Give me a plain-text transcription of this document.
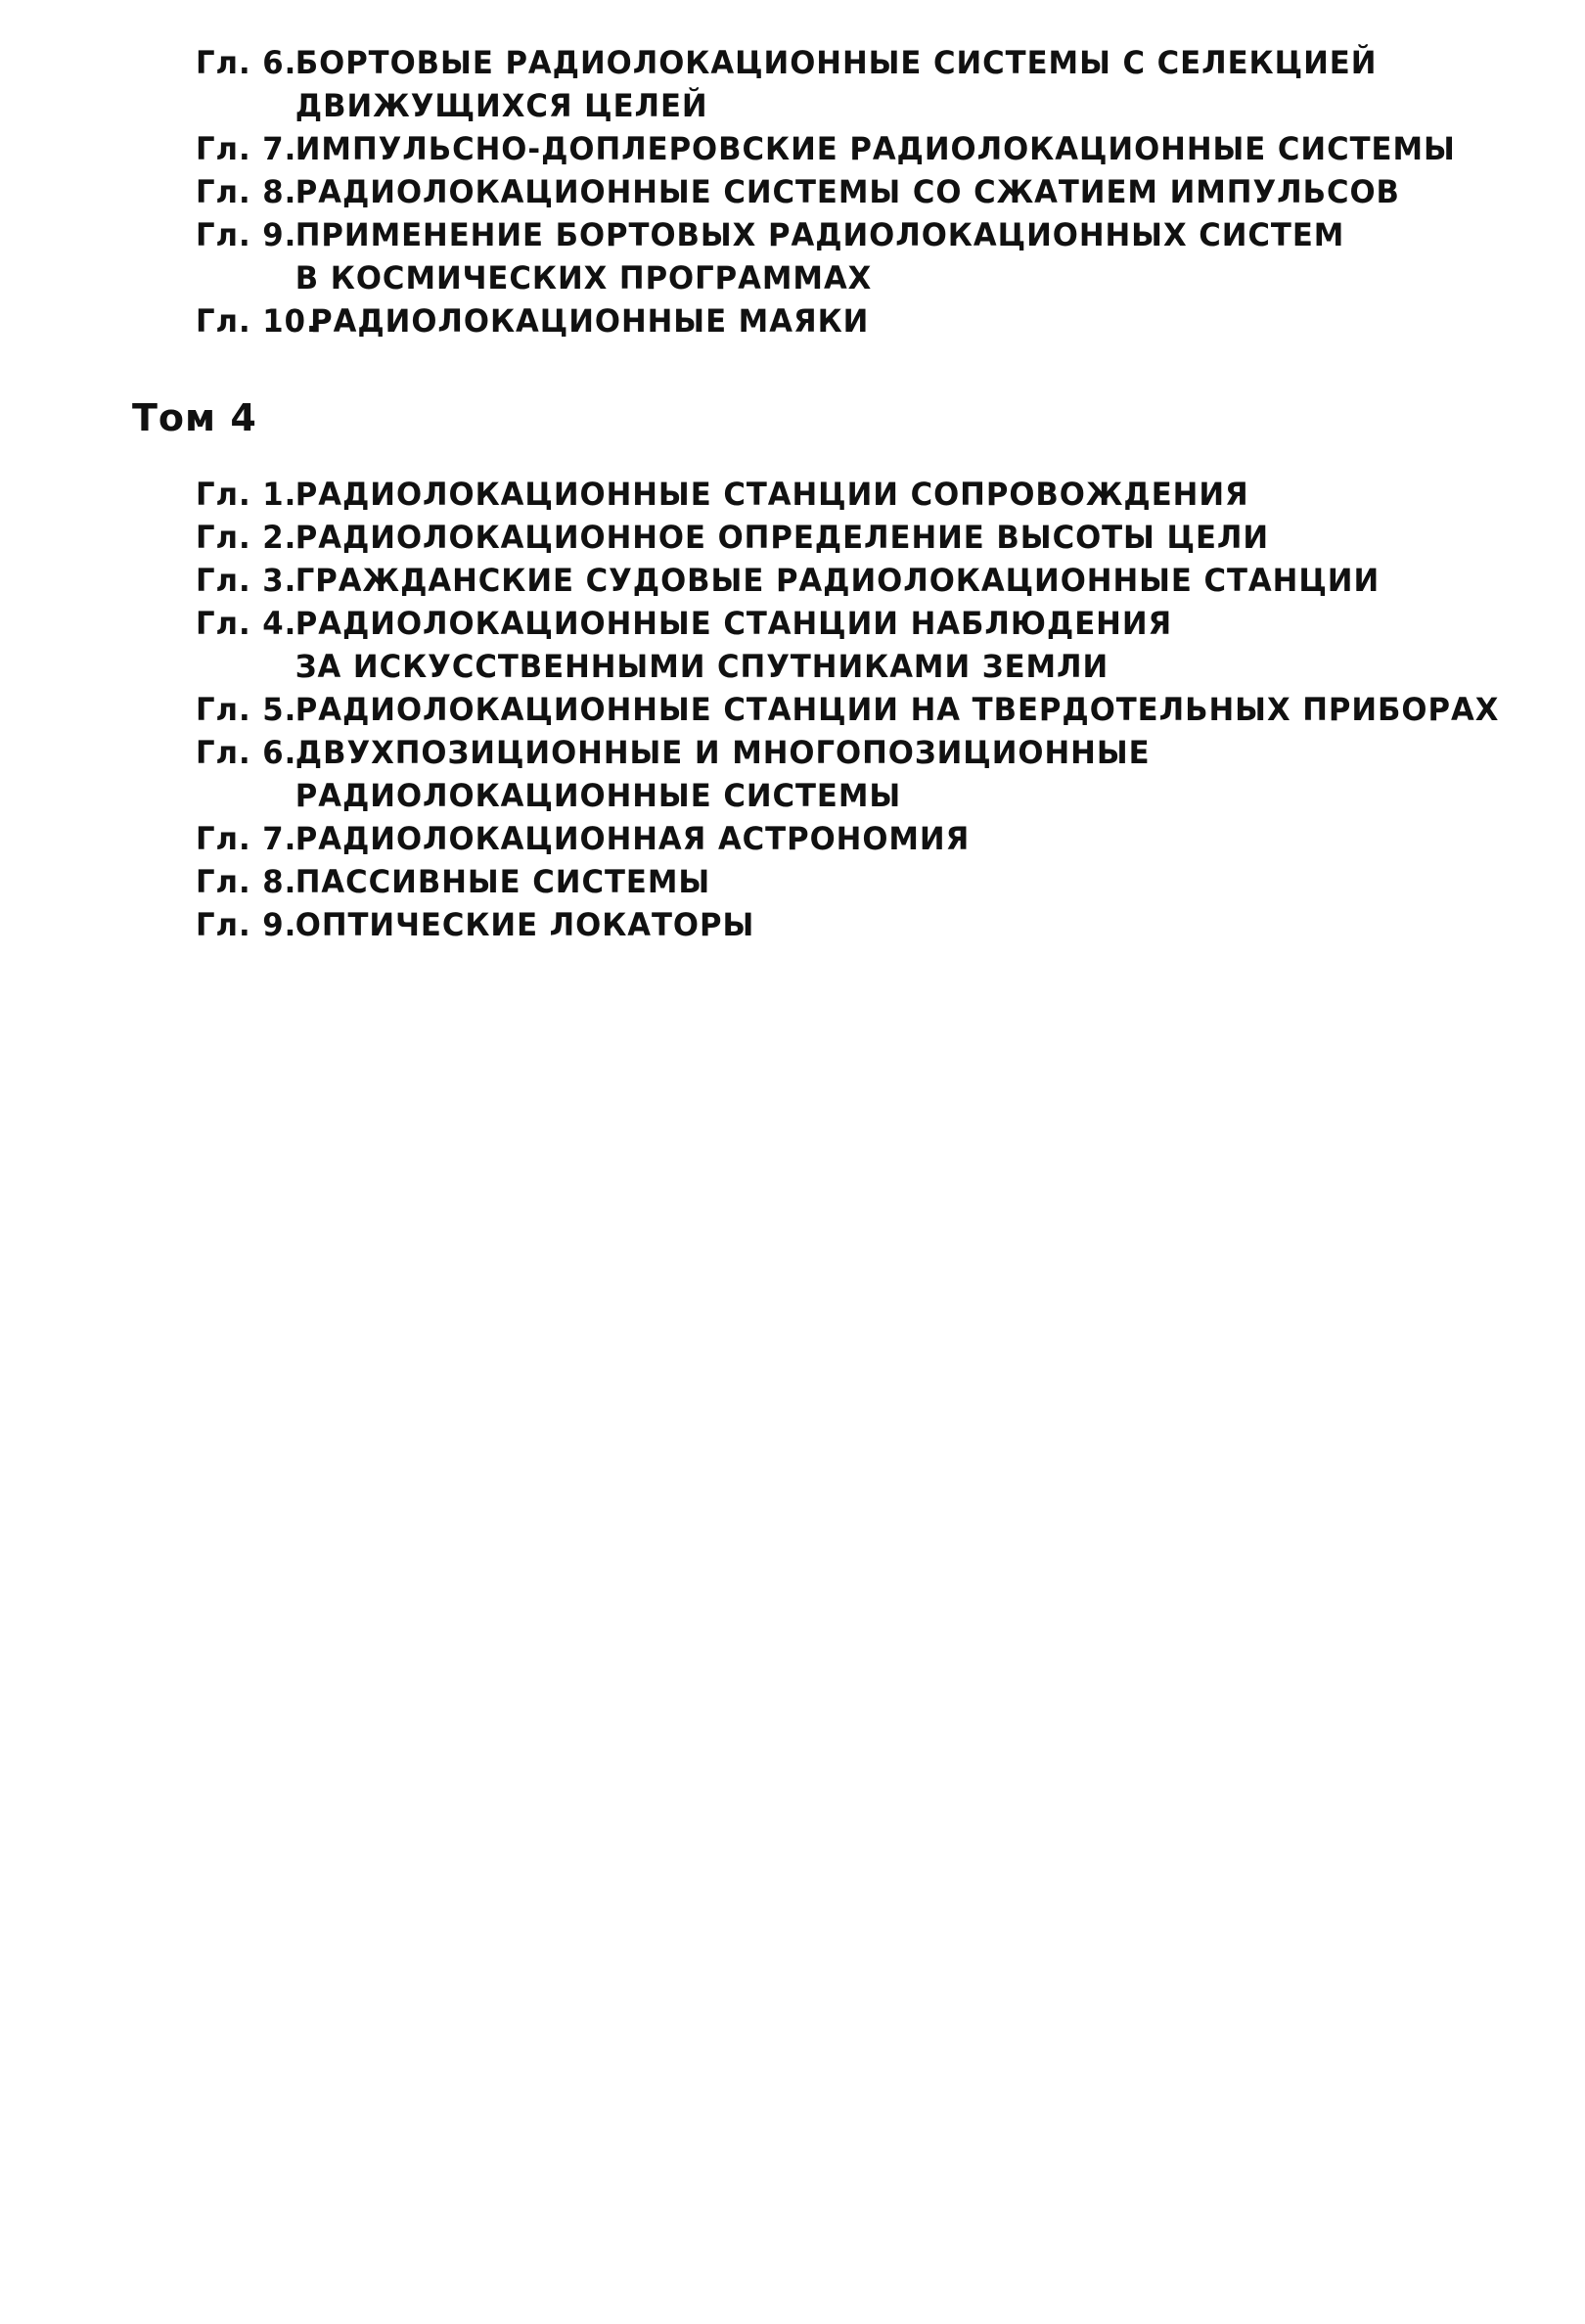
Гл. 6.
БОРТОВЫЕ РАДИОЛОКАЦИОННЫЕ СИСТЕМЫ С СЕЛЕКЦИЕЙ
ДВИЖУЩИХСЯ ЦЕЛЕЙ
Гл. 7.
ИМПУЛЬСНО-ДОПЛЕРОВСКИЕ РАДИОЛОКАЦИОННЫЕ СИСТЕМЫ
Гл. 8.
РАДИОЛОКАЦИОННЫЕ СИСТЕМЫ СО СЖАТИЕМ ИМПУЛЬСОВ
Гл. 9.
ПРИМЕНЕНИЕ БОРТОВЫХ РАДИОЛОКАЦИОННЫХ СИСТЕМ
В КОСМИЧЕСКИХ ПРОГРАММАХ
Гл. 10.
РАДИОЛОКАЦИОННЫЕ МАЯКИ
Том 4
Гл. 1.
РАДИОЛОКАЦИОННЫЕ СТАНЦИИ СОПРОВОЖДЕНИЯ
Гл. 2.
РАДИОЛОКАЦИОННОЕ ОПРЕДЕЛЕНИЕ ВЫСОТЫ ЦЕЛИ
Гл. 3.
ГРАЖДАНСКИЕ СУДОВЫЕ РАДИОЛОКАЦИОННЫЕ СТАНЦИИ
Гл. 4.
РАДИОЛОКАЦИОННЫЕ СТАНЦИИ НАБЛЮДЕНИЯ
ЗА ИСКУССТВЕННЫМИ СПУТНИКАМИ ЗЕМЛИ
Гл. 5.
РАДИОЛОКАЦИОННЫЕ СТАНЦИИ НА ТВЕРДОТЕЛЬНЫХ ПРИБОРАХ
Гл. 6.
ДВУХПОЗИЦИОННЫЕ И МНОГОПОЗИЦИОННЫЕ
РАДИОЛОКАЦИОННЫЕ СИСТЕМЫ
Гл. 7.
РАДИОЛОКАЦИОННАЯ АСТРОНОМИЯ
Гл. 8.
ПАССИВНЫЕ СИСТЕМЫ
Гл. 9.
ОПТИЧЕСКИЕ ЛОКАТОРЫ
